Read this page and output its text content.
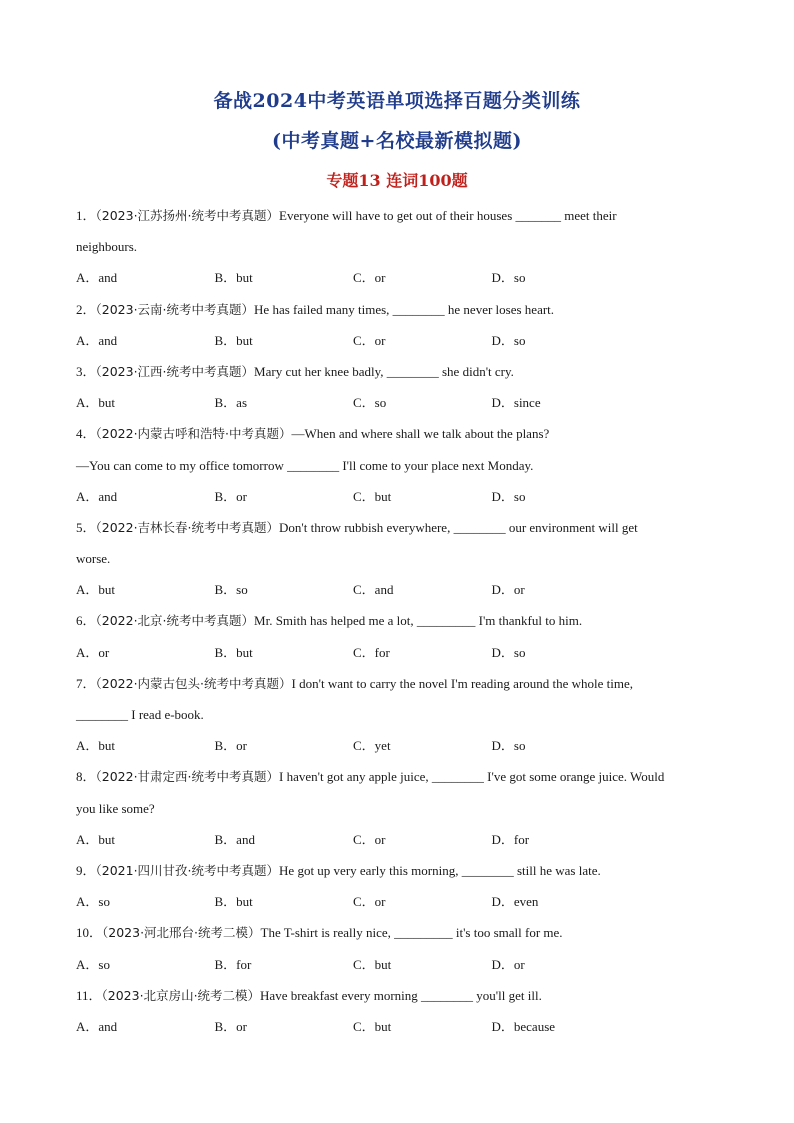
备战2024中考英语单项选择百题分类训练
(中考真题+名校最新模拟题)
专题13 连词100题
1．（2023·江苏扬州·统考中考真题）Everyone will have to get out of their houses _______ meet their
neighbours.
A．and	B．but	C．or	D．so
2．（2023·云南·统考中考真题）He has failed many times, ________ he never loses heart.
A．and	B．but	C．or	D．so
3．（2023·江西·统考中考真题）Mary cut her knee badly, ________ she didn't cry.
A．but	B．as	C．so	D．since
4．（2022·内蒙古呼和浩特·中考真题）—When and where shall we talk about the plans?
—You can come to my office tomorrow ________ I'll come to your place next Monday.
A．and	B．or	C．but	D．so
5．（2022·吉林长春·统考中考真题）Don't throw rubbish everywhere, ________ our environment will get
worse.
A．but	B．so	C．and	D．or
6．（2022·北京·统考中考真题）Mr. Smith has helped me a lot, _________ I'm thankful to him.
A．or	B．but	C．for	D．so
7．（2022·内蒙古包头·统考中考真题）I don't want to carry the novel I'm reading around the whole time,
________ I read e-book.
A．but	B．or	C．yet	D．so
8．（2022·甘肃定西·统考中考真题）I haven't got any apple juice, ________ I've got some orange juice. Would
you like some?
A．but	B．and	C．or	D．for
9．（2021·四川甘孜·统考中考真题）He got up very early this morning, ________ still he was late.
A．so	B．but	C．or	D．even
10．（2023·河北邢台·统考二模）The T-shirt is really nice, _________ it's too small for me.
A．so	B．for	C．but	D．or
11．（2023·北京房山·统考二模）Have breakfast every morning ________ you'll get ill.
A．and	B．or	C．but	D．because
